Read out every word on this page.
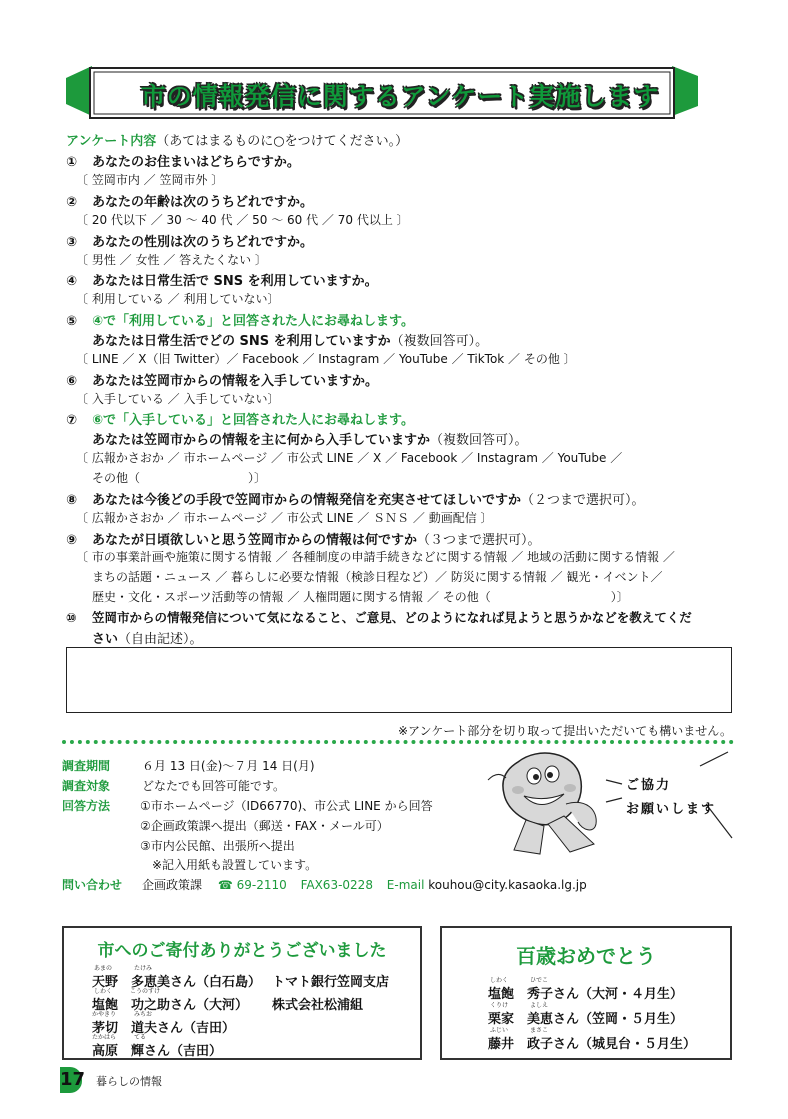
市の情報発信に関するアンケート実施します
アンケート内容（あてはまるものに○をつけてください。）
① あなたのお住まいはどちらですか。
〔 笠岡市内 ／ 笠岡市外 〕
② あなたの年齢は次のうちどれですか。
〔 20 代以下 ／ 30 ～ 40 代 ／ 50 ～ 60 代 ／ 70 代以上 〕
③ あなたの性別は次のうちどれですか。
〔 男性 ／ 女性 ／ 答えたくない 〕
④ あなたは日常生活で SNS を利用していますか。
〔 利用している ／ 利用していない〕
⑤ ④で「利用している」と回答された人にお尋ねします。
あなたは日常生活でどの SNS を利用していますか（複数回答可）。
〔 LINE ／ X（旧 Twitter）／ Facebook ／ Instagram ／ YouTube ／ TikTok ／ その他 〕
⑥ あなたは笠岡市からの情報を入手していますか。
〔 入手している ／ 入手していない〕
⑦ ⑥で「入手している」と回答された人にお尋ねします。
あなたは笠岡市からの情報を主に何から入手していますか（複数回答可）。
〔 広報かさおか ／ 市ホームページ ／ 市公式 LINE ／ X ／ Facebook ／ Instagram ／ YouTube ／
その他（　　　　　　　　　）〕
⑧ あなたは今後どの手段で笠岡市からの情報発信を充実させてほしいですか（２つまで選択可）。
〔 広報かさおか ／ 市ホームページ ／ 市公式 LINE ／ ＳＮＳ ／ 動画配信 〕
⑨ あなたが日頃欲しいと思う笠岡市からの情報は何ですか（３つまで選択可）。
〔 市の事業計画や施策に関する情報 ／ 各種制度の申請手続きなどに関する情報 ／ 地域の活動に関する情報 ／
まちの話題・ニュース ／ 暮らしに必要な情報（検診日程など）／ 防災に関する情報 ／ 観光・イベント／
歴史・文化・スポーツ活動等の情報 ／ 人権問題に関する情報 ／ その他（　　　　　　　　　　）〕
⑩ 笠岡市からの情報発信について気になること、ご意見、どのようになれば見ようと思うかなどを教えてくだ
さい（自由記述）。
※アンケート部分を切り取って提出いただいても構いません。
調査期間	６月 13 日(金)～７月 14 日(月)
調査対象	どなたでも回答可能です。
回答方法 ①市ホームページ（ID66770)、市公式 LINE から回答
②企画政策課へ提出（郵送・FAX・メール可）
③市内公民館、出張所へ提出
※記入用紙も設置しています。
問い合わせ 企画政策課 ☎ 69-2110 FAX63-0228 E-mail kouhou@city.kasaoka.lg.jp
ご協力
お願いします
市へのご寄付ありがとうございました
あまの	たけみ
天野　 多恵美さん（白石島） トマト銀行笠岡支店
しわく	こうのすけ
塩飽　 功之助さん（大河） 株式会社松浦組
かやきり	みちお
茅切　 道夫さん（吉田）
たかはら	てる
高原　 輝さん（吉田）
百歳おめでとう
しわく	ひでこ
塩飽　 秀子さん（大河・４月生）
くりけ	よしえ
栗家　 美恵さん（笠岡・５月生）
ふじい	まさこ
藤井　 政子さん（城見台・５月生）
17 暮らしの情報
